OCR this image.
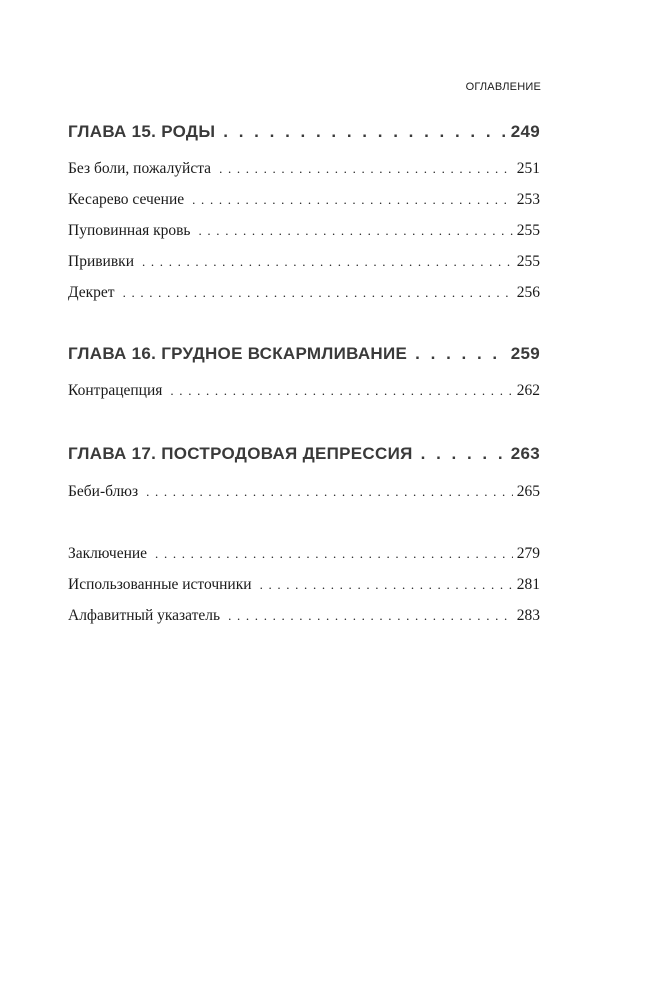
ОГЛАВЛЕНИЕ
ГЛАВА 15. РОДЫ . . .	249
Без боли, пожалуйста . . .	251
Кесарево сечение . . .	253
Пуповинная кровь . . .	255
Прививки . . .	255
Декрет . . .	256
ГЛАВА 16. ГРУДНОЕ ВСКАРМЛИВАНИЕ . . .	259
Контрацепция . . .	262
ГЛАВА 17. ПОСТРОДОВАЯ ДЕПРЕССИЯ . . .	263
Беби-блюз . . .	265
Заключение . . .	279
Использованные источники . . .	281
Алфавитный указатель . . .	283
